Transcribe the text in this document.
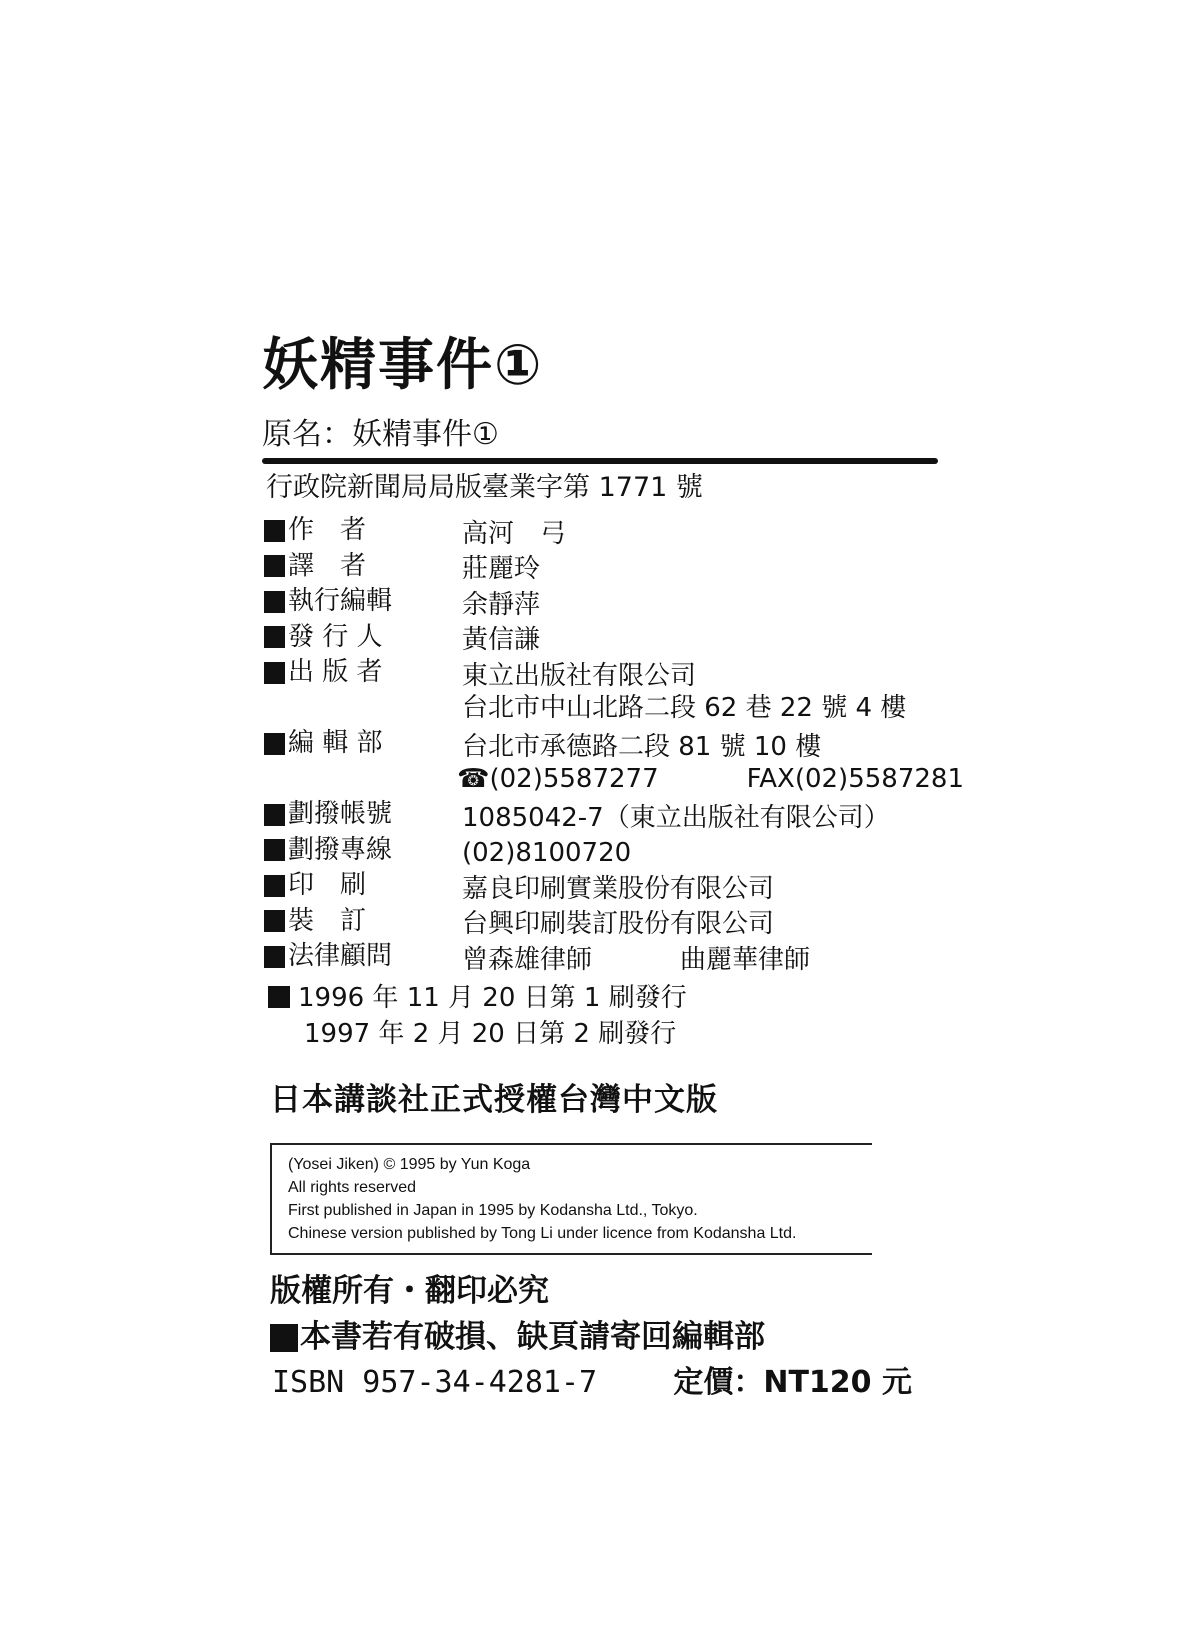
妖精事件①
原名：妖精事件①
行政院新聞局局版臺業字第 1771 號
作　者	高河　弓
譯　者	莊麗玲
執行編輯	余靜萍
發 行 人	黃信謙
出 版 者	東立出版社有限公司
台北市中山北路二段 62 巷 22 號 4 樓
編 輯 部	台北市承德路二段 81 號 10 樓
☎(02)5587277	FAX(02)5587281
劃撥帳號	1085042-7（東立出版社有限公司）
劃撥專線	(02)8100720
印　刷	嘉良印刷實業股份有限公司
裝　訂	台興印刷裝訂股份有限公司
法律顧問	曾森雄律師	曲麗華律師
1996 年 11 月 20 日第 1 刷發行
1997 年 2 月 20 日第 2 刷發行
日本講談社正式授權台灣中文版
(Yosei Jiken) © 1995 by Yun Koga
All rights reserved
First published in Japan in 1995 by Kodansha Ltd., Tokyo.
Chinese version published by Tong Li under licence from Kodansha Ltd.
版權所有・翻印必究
本書若有破損、缺頁請寄回編輯部
ISBN 957-34-4281-7	定價：NT120 元
